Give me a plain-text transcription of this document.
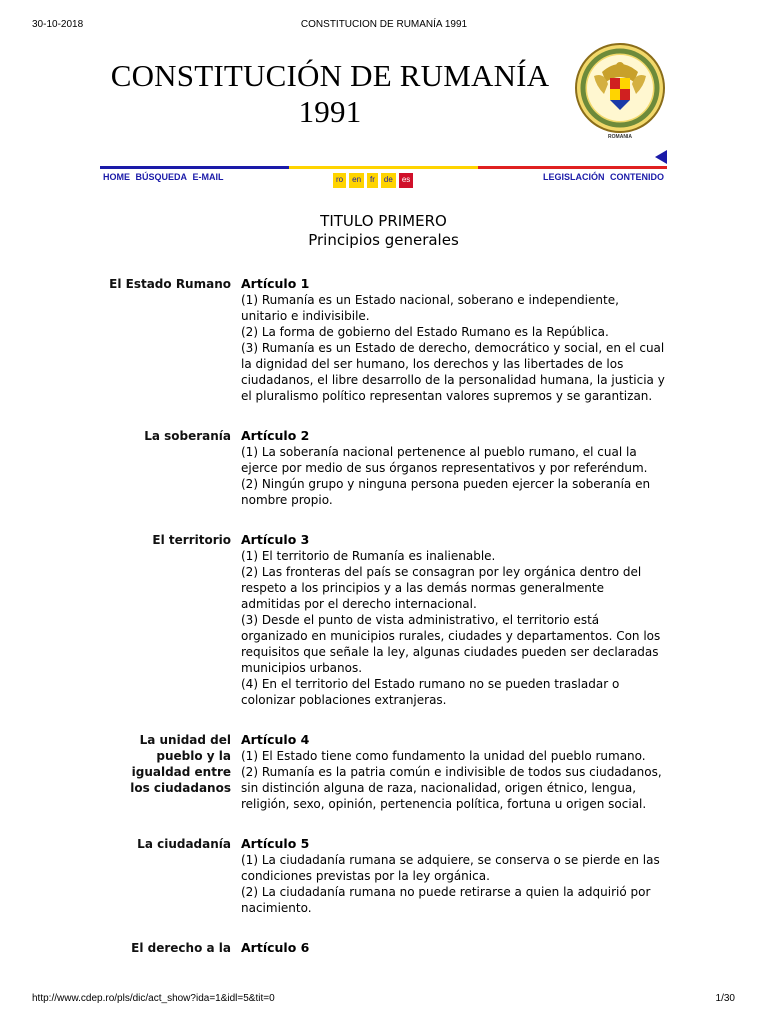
30-10-2018	CONSTITUCION DE RUMANÍA 1991
CONSTITUCIÓN DE RUMANÍA
1991
ROMANIA
HOME BÚSQUEDA E-MAIL	ro	en	fr	de	es	LEGISLACIÓN CONTENIDO
TITULO PRIMERO
Principios generales
El Estado Rumano Artículo 1
(1) Rumanía es un Estado nacional, soberano e independiente, unitario e indivisibile.
(2) La forma de gobierno del Estado Rumano es la República.
(3) Rumanía es un Estado de derecho, democrático y social, en el cual la dignidad del ser humano, los derechos y las libertades de los ciudadanos, el libre desarrollo de la personalidad humana, la justicia y el pluralismo político representan valores supremos y se garantizan.
La soberanía Artículo 2
(1) La soberanía nacional pertenence al pueblo rumano, el cual la ejerce por medio de sus órganos representativos y por referéndum.
(2) Ningún grupo y ninguna persona pueden ejercer la soberanía en nombre propio.
El territorio Artículo 3
(1) El territorio de Rumanía es inalienable.
(2) Las fronteras del país se consagran por ley orgánica dentro del respeto a los principios y a las demás normas generalmente admitidas por el derecho internacional.
(3) Desde el punto de vista administrativo, el territorio está organizado en municipios rurales, ciudades y departamentos. Con los requisitos que señale la ley, algunas ciudades pueden ser declaradas municipios urbanos.
(4) En el territorio del Estado rumano no se pueden trasladar o colonizar poblaciones extranjeras.
La unidad del pueblo y la igualdad entre los ciudadanos
Artículo 4
(1) El Estado tiene como fundamento la unidad del pueblo rumano.
(2) Rumanía es la patria común e indivisible de todos sus ciudadanos, sin distinción alguna de raza, nacionalidad, origen étnico, lengua, religión, sexo, opinión, pertenencia política, fortuna u origen social.
La ciudadanía Artículo 5
(1) La ciudadanía rumana se adquiere, se conserva o se pierde en las condiciones previstas por la ley orgánica.
(2) La ciudadanía rumana no puede retirarse a quien la adquirió por nacimiento.
El derecho a la Artículo 6
http://www.cdep.ro/pls/dic/act_show?ida=1&idl=5&tit=0	1/30
